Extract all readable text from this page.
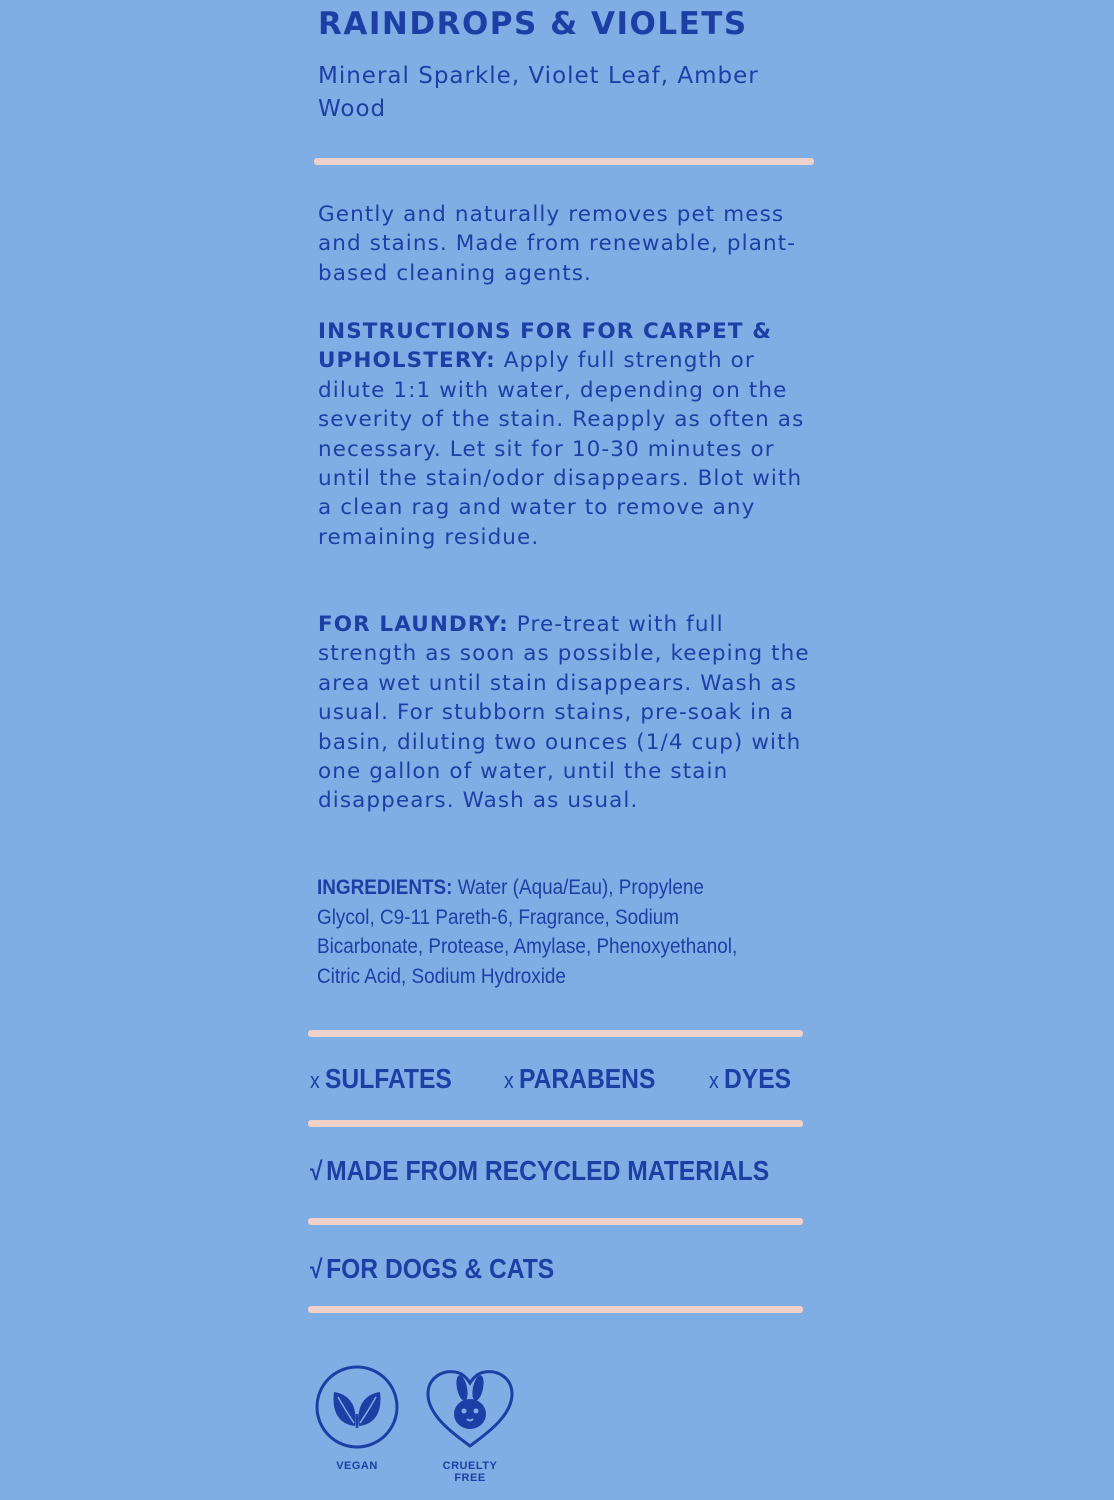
RAINDROPS & VIOLETS
Mineral Sparkle, Violet Leaf, Amber Wood
Gently and naturally removes pet mess and stains. Made from renewable, plant-based cleaning agents.
INSTRUCTIONS FOR FOR CARPET & UPHOLSTERY: Apply full strength or dilute 1:1 with water, depending on the severity of the stain. Reapply as often as necessary. Let sit for 10-30 minutes or until the stain/odor disappears. Blot with a clean rag and water to remove any remaining residue.
FOR LAUNDRY: Pre-treat with full strength as soon as possible, keeping the area wet until stain disappears. Wash as usual. For stubborn stains, pre-soak in a basin, diluting two ounces (1/4 cup) with one gallon of water, until the stain disappears. Wash as usual.
INGREDIENTS: Water (Aqua/Eau), Propylene Glycol, C9-11 Pareth-6, Fragrance, Sodium Bicarbonate, Protease, Amylase, Phenoxyethanol, Citric Acid, Sodium Hydroxide
x SULFATES x PARABENS x DYES
√ MADE FROM RECYCLED MATERIALS
√ FOR DOGS & CATS
VEGAN	CRUELTY
FREE
